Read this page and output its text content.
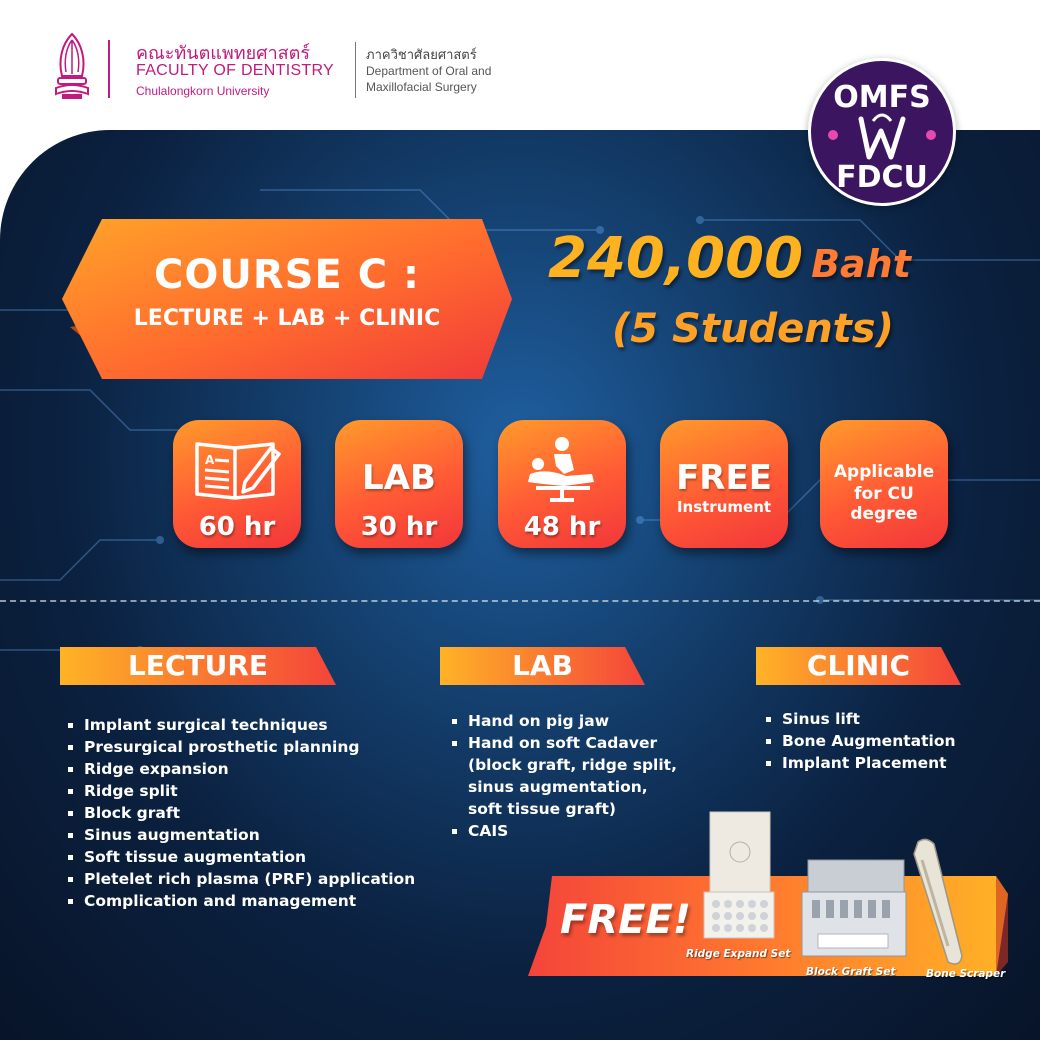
คณะทันตแพทยศาสตร์
FACULTY OF DENTISTRY
Chulalongkorn University
ภาควิชาศัลยศาสตร์
Department of Oral and
Maxillofacial Surgery	OMFS
FDCU
COURSE C :
LECTURE + LAB + CLINIC
240,000 Baht
(5 Students)
A
60 hr
LAB
30 hr	48 hr
FREE
Instrument
Applicable
for CU degree
LECTURE	LAB	CLINIC
Implant surgical techniques
Presurgical prosthetic planning
Ridge expansion
Ridge split
Block graft
Sinus augmentation
Soft tissue augmentation
Pletelet rich plasma (PRF) application
Complication and management
Hand on pig jaw
Hand on soft Cadaver
(block graft, ridge split,
sinus augmentation,
soft tissue graft)
CAIS
Sinus lift
Bone Augmentation
Implant Placement
FREE!
Ridge Expand Set
Block Graft Set	Bone Scraper
